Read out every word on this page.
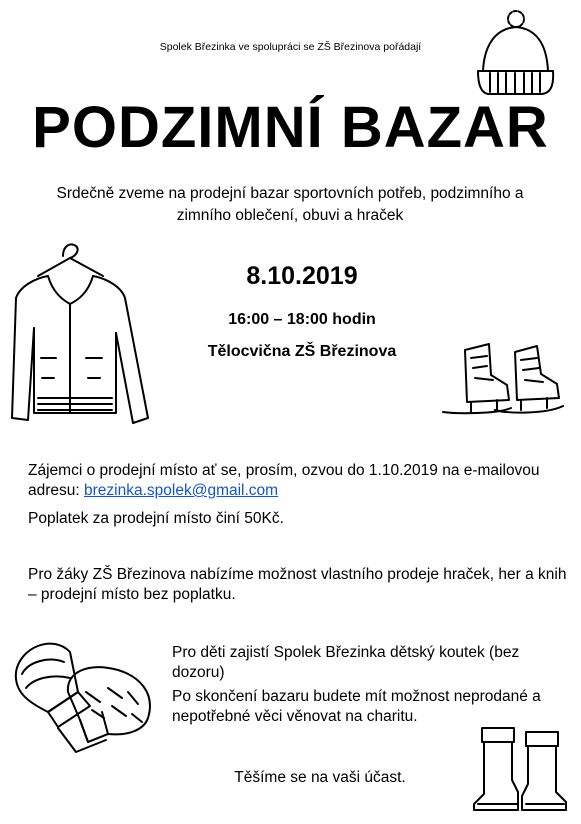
Spolek Březinka ve spolupráci se ZŠ Březinova pořádají
PODZIMNÍ BAZAR
Srdečně zveme na prodejní bazar sportovních potřeb, podzimního a
zimního oblečení, obuvi a hraček
8.10.2019
16:00 – 18:00 hodin
Tělocvična ZŠ Březinova
Zájemci o prodejní místo ať se, prosím, ozvou do 1.10.2019 na e-mailovou adresu: brezinka.spolek@gmail.com
Poplatek za prodejní místo činí 50Kč.
Pro žáky ZŠ Březinova nabízíme možnost vlastního prodeje hraček, her a knih – prodejní místo bez poplatku.
Pro děti zajistí Spolek Březinka dětský koutek (bez dozoru)
Po skončení bazaru budete mít možnost neprodané a nepotřebné věci věnovat na charitu.
Těšíme se na vaši účast.
